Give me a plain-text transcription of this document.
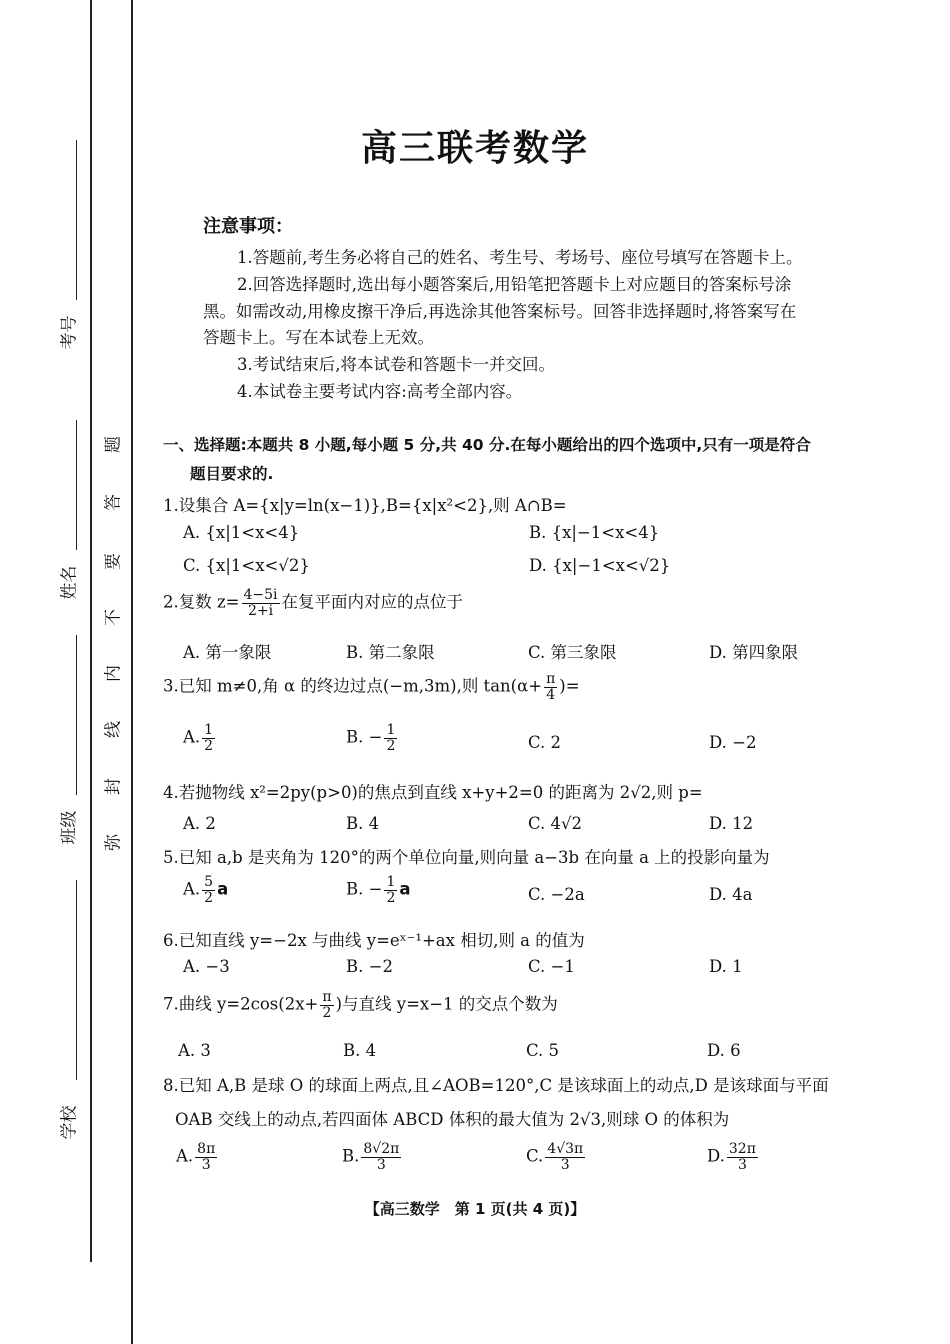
考号
姓名
班级
学校
题
答
要
不
内
线
封
弥
高三联考数学
注意事项：
1.答题前,考生务必将自己的姓名、考生号、考场号、座位号填写在答题卡上。
2.回答选择题时,选出每小题答案后,用铅笔把答题卡上对应题目的答案标号涂
黑。如需改动,用橡皮擦干净后,再选涂其他答案标号。回答非选择题时,将答案写在
答题卡上。写在本试卷上无效。
3.考试结束后,将本试卷和答题卡一并交回。
4.本试卷主要考试内容:高考全部内容。
一、选择题:本题共 8 小题,每小题 5 分,共 40 分.在每小题给出的四个选项中,只有一项是符合
题目要求的.
1.设集合 A={x|y=ln(x−1)},B={x|x²<2},则 A∩B=
A. {x|1<x<4}	B. {x|−1<x<4}
C. {x|1<x<√2}	D. {x|−1<x<√2}
2.复数 $z= \frac{4-5i}{2+i}$ 在复平面内对应的点位于
A. 第一象限	B. 第二象限	C. 第三象限	D. 第四象限
3.已知 m≠0,角 α 的终边过点(−m,3m),则 $\tan(\alpha+ \frac{\pi}{4}$ )=
A. $\frac{1}{2}$	B. − $\frac{1}{2}$	C. 2	D. −2
4.若抛物线 x²=2py(p>0)的焦点到直线 x+y+2=0 的距离为 2√2,则 p=
A. 2	B. 4	C. 4√2	D. 12
5.已知 a,b 是夹角为 120°的两个单位向量,则向量 a−3b 在向量 a 上的投影向量为
A. $\frac{5}{2}$ a	B. − $\frac{1}{2}$ a	C. −2a	D. 4a
6.已知直线 y=−2x 与曲线 y=eˣ⁻¹+ax 相切,则 a 的值为
A. −3	B. −2	C. −1	D. 1
7.曲线 $y=2\cos(2x+ \frac{\pi}{2}$ )与直线 y=x−1 的交点个数为
A. 3	B. 4	C. 5	D. 6
8.已知 A,B 是球 O 的球面上两点,且∠AOB=120°,C 是该球面上的动点,D 是该球面与平面
OAB 交线上的动点,若四面体 ABCD 体积的最大值为 2√3,则球 O 的体积为
A. $\frac{8\pi}{3}$	B. $\frac{8√2\pi}{3}$	C. $\frac{4√3\pi}{3}$	D. $\frac{32\pi}{3}$
【高三数学　第 1 页(共 4 页)】
